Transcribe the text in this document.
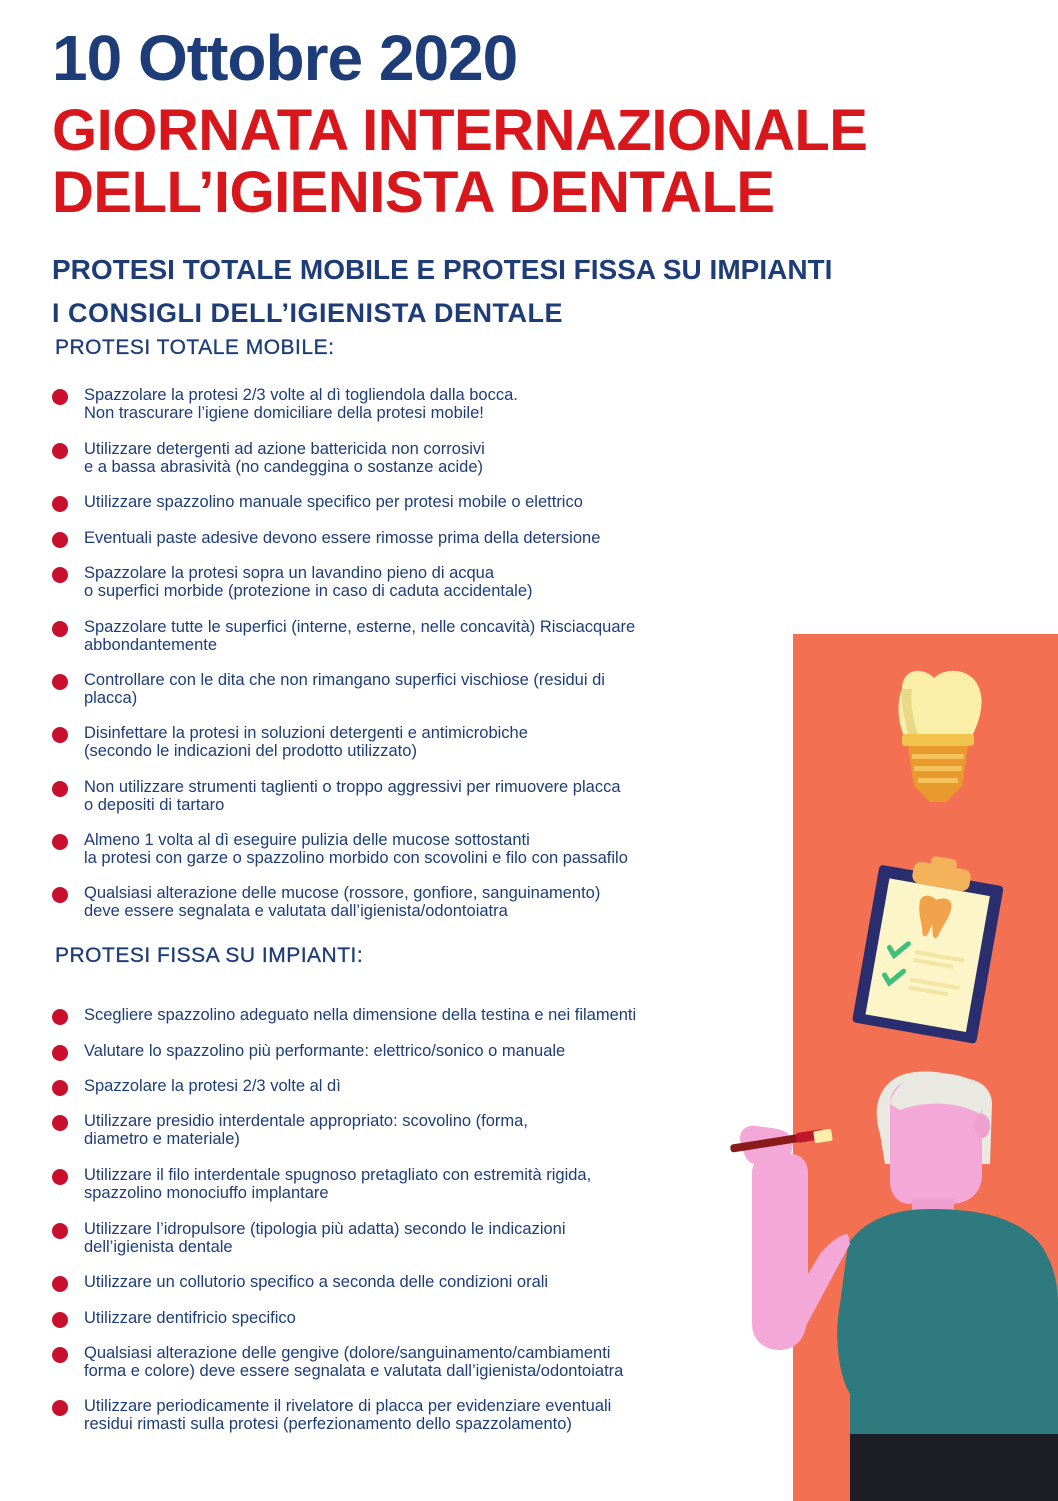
10 Ottobre 2020
GIORNATA INTERNAZIONALE
DELL’IGIENISTA DENTALE
PROTESI TOTALE MOBILE E PROTESI FISSA SU IMPIANTI
I CONSIGLI DELL’IGIENISTA DENTALE
PROTESI TOTALE MOBILE:
Spazzolare la protesi 2/3 volte al dì togliendola dalla bocca.
Non trascurare l’igiene domiciliare della protesi mobile!
Utilizzare detergenti ad azione battericida non corrosivi
e a bassa abrasività (no candeggina o sostanze acide)
Utilizzare spazzolino manuale specifico per protesi mobile o elettrico
Eventuali paste adesive devono essere rimosse prima della detersione
Spazzolare la protesi sopra un lavandino pieno di acqua
o superfici morbide (protezione in caso di caduta accidentale)
Spazzolare tutte le superfici (interne, esterne, nelle concavità) Risciacquare
abbondantemente
Controllare con le dita che non rimangano superfici vischiose (residui di
placca)
Disinfettare la protesi in soluzioni detergenti e antimicrobiche
(secondo le indicazioni del prodotto utilizzato)
Non utilizzare strumenti taglienti o troppo aggressivi per rimuovere placca
o depositi di tartaro
Almeno 1 volta al dì eseguire pulizia delle mucose sottostanti
la protesi con garze o spazzolino morbido con scovolini e filo con passafilo
Qualsiasi alterazione delle mucose (rossore, gonfiore, sanguinamento)
deve essere segnalata e valutata dall’igienista/odontoiatra
PROTESI FISSA SU IMPIANTI:
Scegliere spazzolino adeguato nella dimensione della testina e nei filamenti
Valutare lo spazzolino più performante: elettrico/sonico o manuale
Spazzolare la protesi 2/3 volte al dì
Utilizzare presidio interdentale appropriato: scovolino (forma,
diametro e materiale)
Utilizzare il filo interdentale spugnoso pretagliato con estremità rigida,
spazzolino monociuffo implantare
Utilizzare l’idropulsore (tipologia più adatta) secondo le indicazioni
dell’igienista dentale
Utilizzare un collutorio specifico a seconda delle condizioni orali
Utilizzare dentifricio specifico
Qualsiasi alterazione delle gengive (dolore/sanguinamento/cambiamenti
forma e colore) deve essere segnalata e valutata dall’igienista/odontoiatra
Utilizzare periodicamente il rivelatore di placca per evidenziare eventuali
residui rimasti sulla protesi (perfezionamento dello spazzolamento)
